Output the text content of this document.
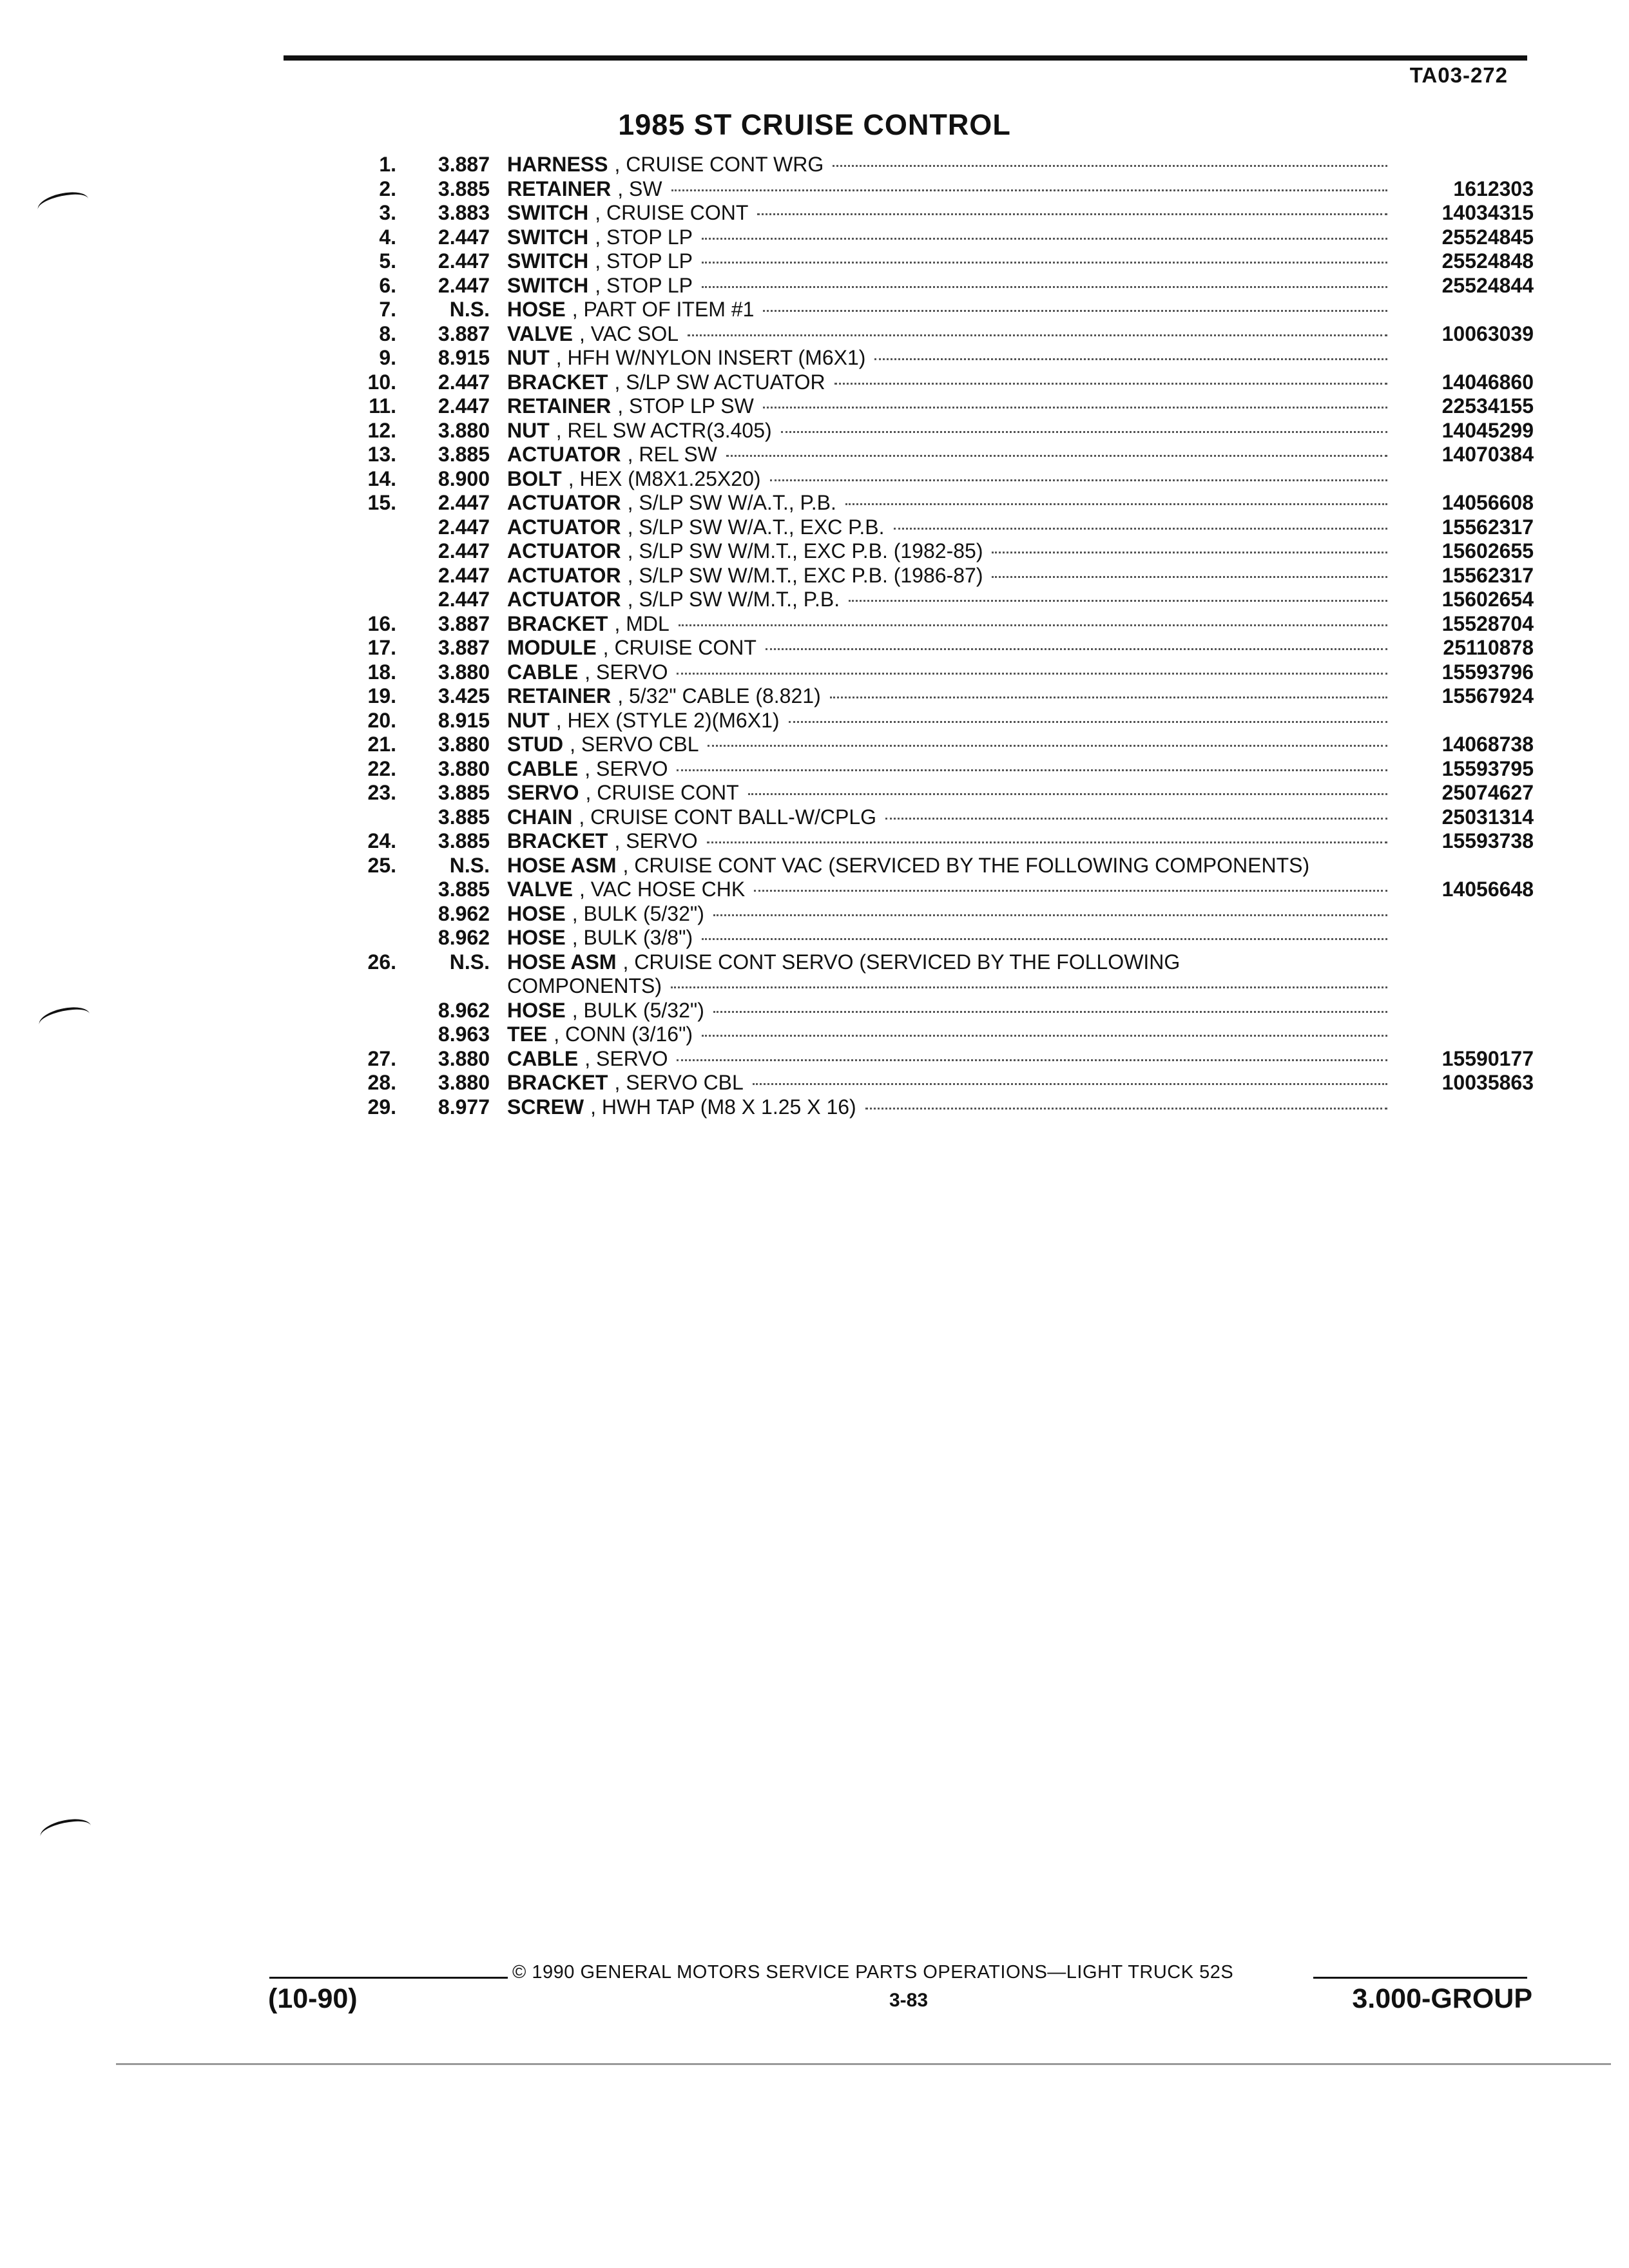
TA03-272
1985 ST CRUISE CONTROL
1.	3.887 HARNESS , CRUISE CONT WRG
2.	3.885 RETAINER , SW	1612303
3.	3.883 SWITCH , CRUISE CONT	14034315
4.	2.447 SWITCH , STOP LP	25524845
5.	2.447 SWITCH , STOP LP	25524848
6.	2.447 SWITCH , STOP LP	25524844
7.	N.S. HOSE , PART OF ITEM #1
8.	3.887 VALVE , VAC SOL	10063039
9.	8.915 NUT , HFH W/NYLON INSERT (M6X1)
10.	2.447 BRACKET , S/LP SW ACTUATOR	14046860
11.	2.447 RETAINER , STOP LP SW	22534155
12.	3.880 NUT , REL SW ACTR(3.405)	14045299
13.	3.885 ACTUATOR , REL SW	14070384
14.	8.900 BOLT , HEX (M8X1.25X20)
15.	2.447 ACTUATOR , S/LP SW W/A.T., P.B.	14056608
2.447 ACTUATOR , S/LP SW W/A.T., EXC P.B.	15562317
2.447 ACTUATOR , S/LP SW W/M.T., EXC P.B. (1982-85)	15602655
2.447 ACTUATOR , S/LP SW W/M.T., EXC P.B. (1986-87)	15562317
2.447 ACTUATOR , S/LP SW W/M.T., P.B.	15602654
16.	3.887 BRACKET , MDL	15528704
17.	3.887 MODULE , CRUISE CONT	25110878
18.	3.880 CABLE , SERVO	15593796
19.	3.425 RETAINER , 5/32" CABLE (8.821)	15567924
20.	8.915 NUT , HEX (STYLE 2)(M6X1)
21.	3.880 STUD , SERVO CBL	14068738
22.	3.880 CABLE , SERVO	15593795
23.	3.885 SERVO , CRUISE CONT	25074627
3.885 CHAIN , CRUISE CONT BALL-W/CPLG	25031314
24.	3.885 BRACKET , SERVO	15593738
25.	N.S. HOSE ASM , CRUISE CONT VAC (SERVICED BY THE FOLLOWING COMPONENTS)
3.885 VALVE , VAC HOSE CHK	14056648
8.962 HOSE , BULK (5/32")
8.962 HOSE , BULK (3/8")
26.	N.S. HOSE ASM , CRUISE CONT SERVO (SERVICED BY THE FOLLOWING
COMPONENTS)
8.962 HOSE , BULK (5/32")
8.963 TEE , CONN (3/16")
27.	3.880 CABLE , SERVO	15590177
28.	3.880 BRACKET , SERVO CBL	10035863
29.	8.977 SCREW , HWH TAP (M8 X 1.25 X 16)
© 1990 GENERAL MOTORS SERVICE PARTS OPERATIONS—LIGHT TRUCK 52S
(10-90)	3-83	3.000-GROUP
